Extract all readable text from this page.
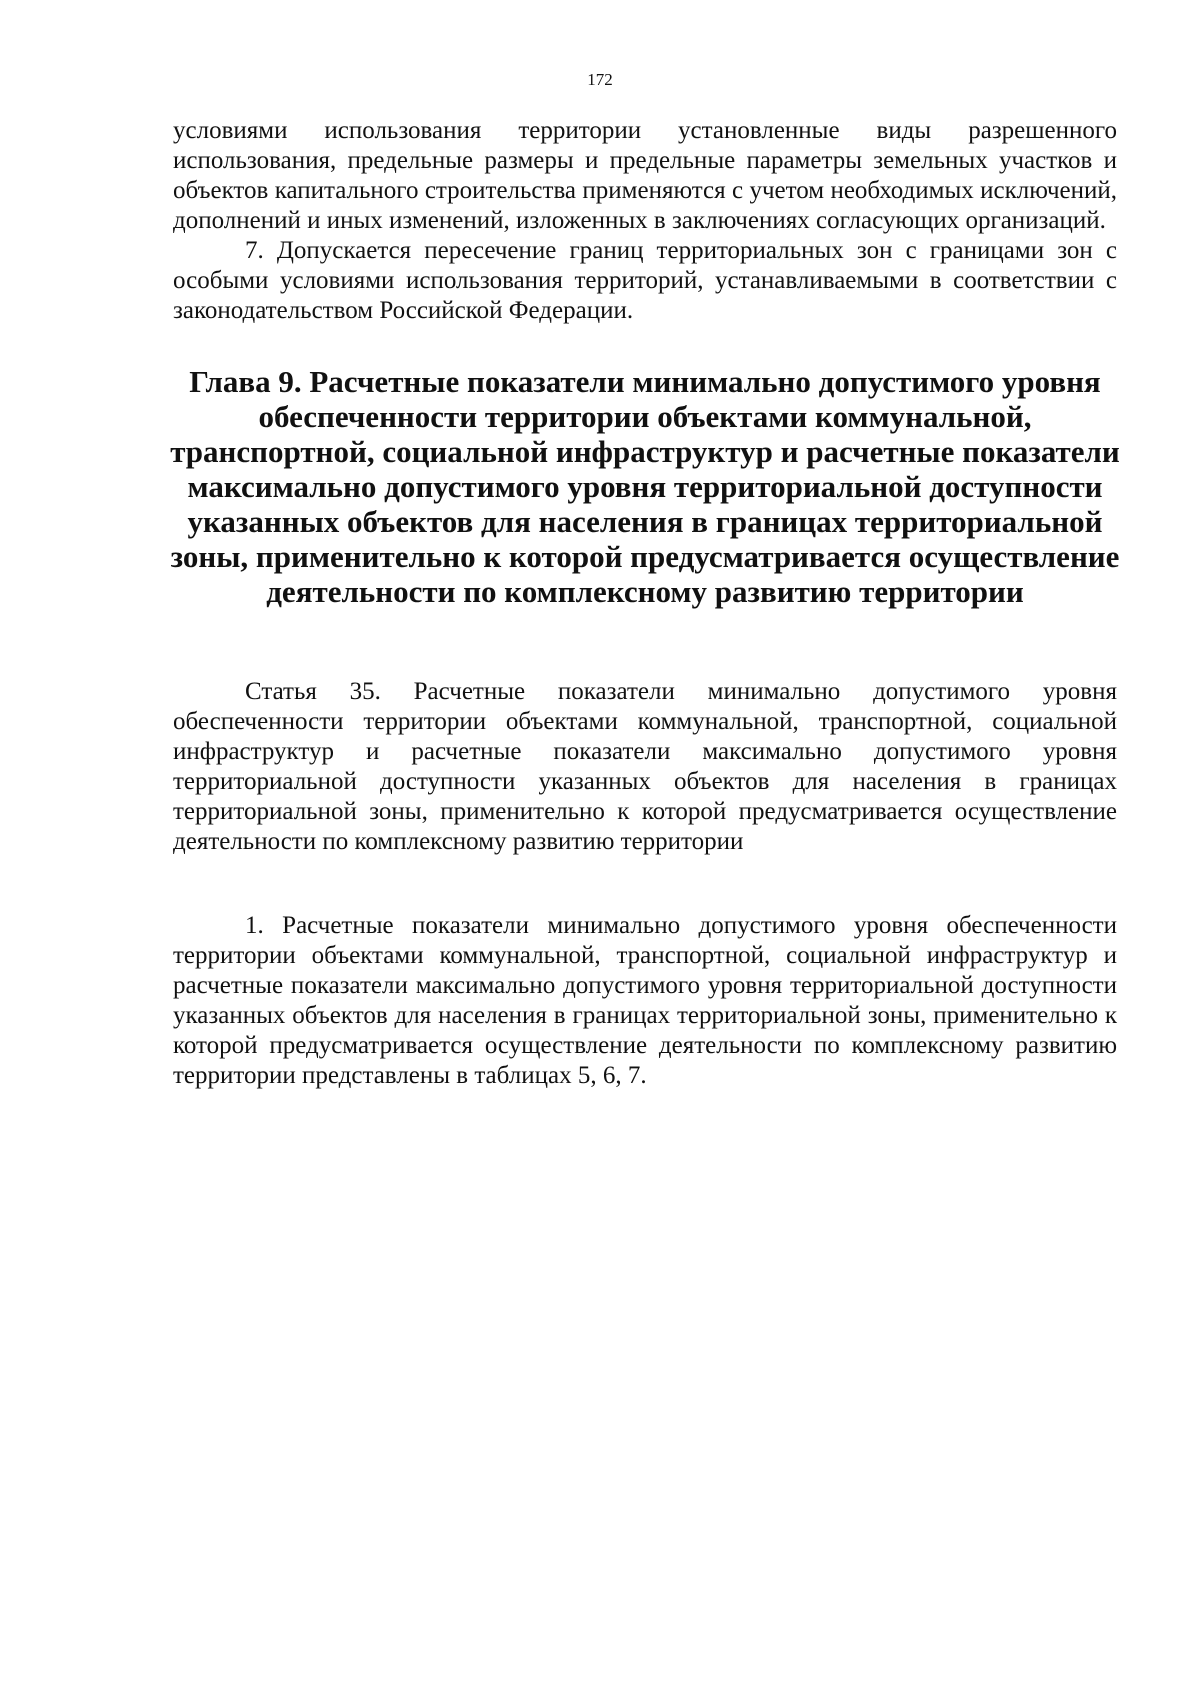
172

условиями использования территории установленные виды разрешенного использования, предельные размеры и предельные параметры земельных участков и объектов капитального строительства применяются с учетом необходимых исключений, дополнений и иных изменений, изложенных в заключениях согласующих организаций.

7. Допускается пересечение границ территориальных зон с границами зон с особыми условиями использования территорий, устанавливаемыми в соответствии с законодательством Российской Федерации.

Глава 9. Расчетные показатели минимально допустимого уровня обеспеченности территории объектами коммунальной, транспортной, социальной инфраструктур и расчетные показатели максимально допустимого уровня территориальной доступности указанных объектов для населения в границах территориальной зоны, применительно к которой предусматривается осуществление деятельности по комплексному развитию территории

Статья 35. Расчетные показатели минимально допустимого уровня обеспеченности территории объектами коммунальной, транспортной, социальной инфраструктур и расчетные показатели максимально допустимого уровня территориальной доступности указанных объектов для населения в границах территориальной зоны, применительно к которой предусматривается осуществление деятельности по комплексному развитию территории

1. Расчетные показатели минимально допустимого уровня обеспеченности территории объектами коммунальной, транспортной, социальной инфраструктур и расчетные показатели максимально допустимого уровня территориальной доступности указанных объектов для населения в границах территориальной зоны, применительно к которой предусматривается осуществление деятельности по комплексному развитию территории представлены в таблицах 5, 6, 7.
